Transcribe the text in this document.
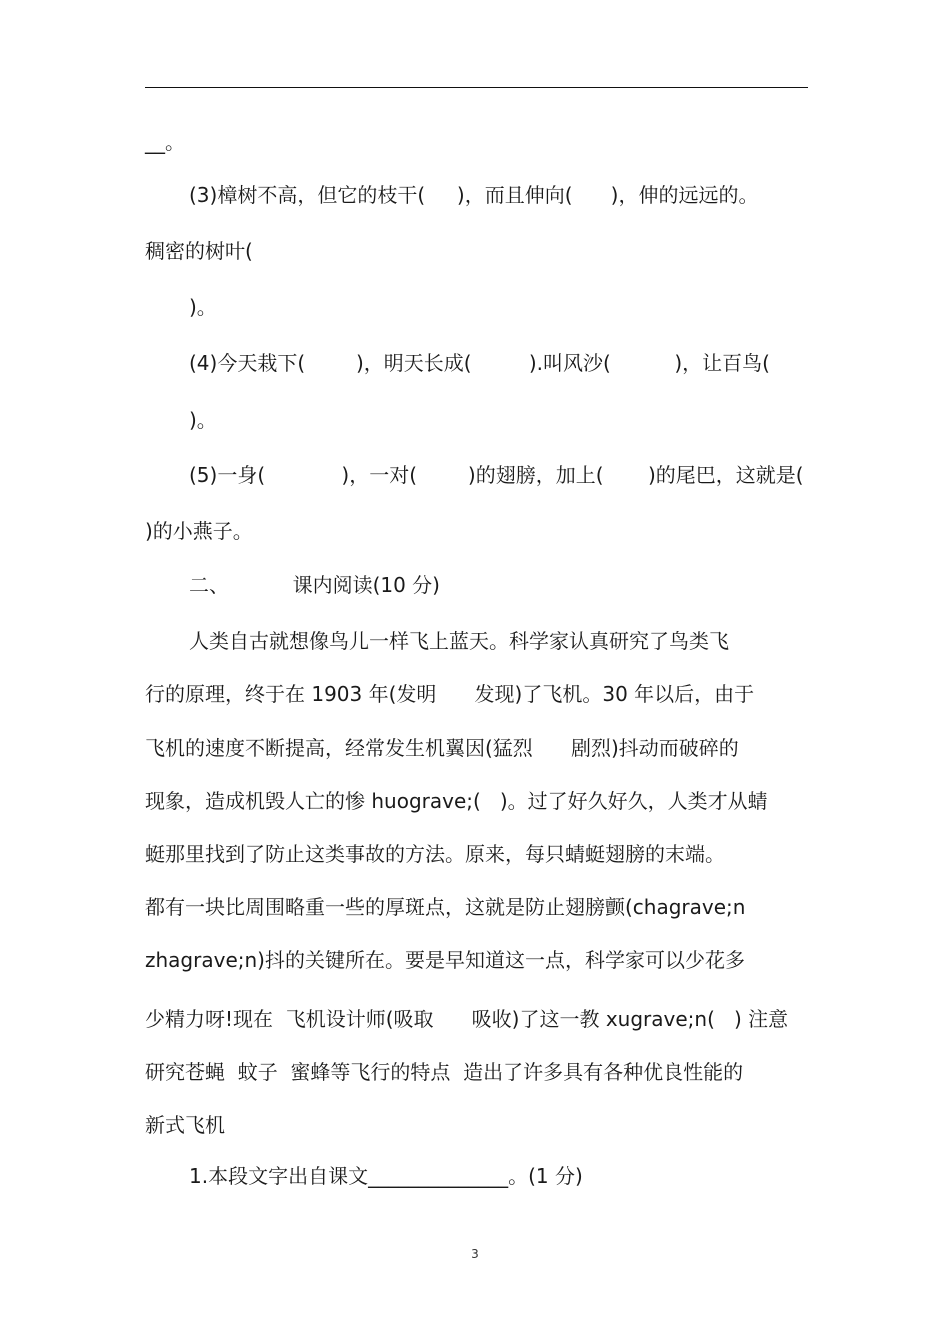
__。
(3)樟树不高，但它的枝干(     )，而且伸向(      )，伸的远远的。
稠密的树叶(
)。
(4)今天栽下(        )，明天长成(         ).叫风沙(          )，让百鸟(
)。
(5)一身(            )，一对(        )的翅膀，加上(       )的尾巴，这就是(
)的小燕子。
二、          课内阅读(10 分)
人类自古就想像鸟儿一样飞上蓝天。科学家认真研究了鸟类飞
行的原理，终于在 1903 年(发明      发现)了飞机。30 年以后，由于
飞机的速度不断提高，经常发生机翼因(猛烈      剧烈)抖动而破碎的
现象，造成机毁人亡的惨 huograve;(   )。过了好久好久，人类才从蜻
蜓那里找到了防止这类事故的方法。原来，每只蜻蜓翅膀的末端。
都有一块比周围略重一些的厚斑点，这就是防止翅膀颤(chagrave;n
zhagrave;n)抖的关键所在。要是早知道这一点，科学家可以少花多
少精力呀!现在  飞机设计师(吸取      吸收)了这一教 xugrave;n(   ) 注意
研究苍蝇  蚊子  蜜蜂等飞行的特点  造出了许多具有各种优良性能的
新式飞机
1.本段文字出自课文______________。(1 分)
3
